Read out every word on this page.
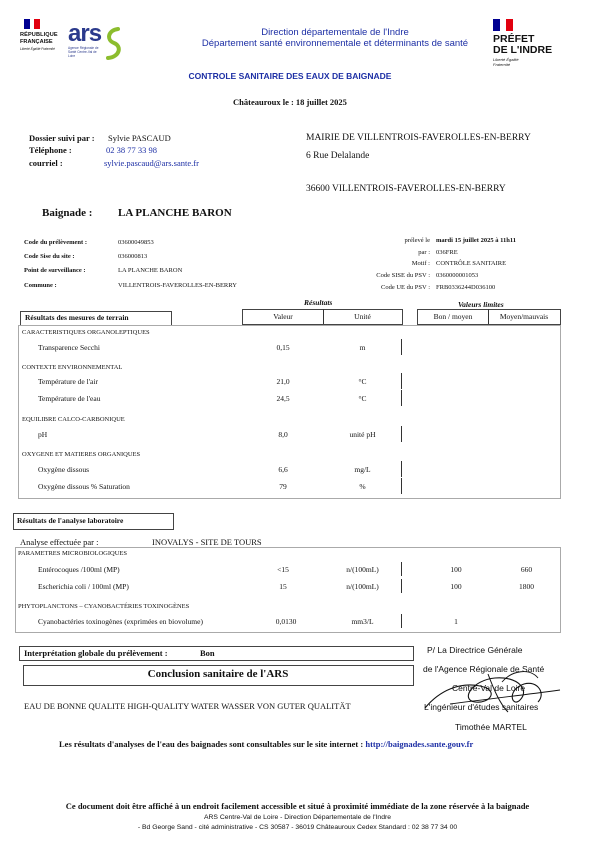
RÉPUBLIQUE
FRANÇAISE
Liberté Égalité Fraternité
ars
Agence Régionale de Santé Centre-Val de Loire
PRÉFET
DE L'INDRE
Liberté Égalité Fraternité
Direction départementale de l'Indre
Département santé environnementale et déterminants de santé
CONTROLE SANITAIRE DES EAUX DE BAIGNADE
Châteauroux le : 18 juillet 2025
Dossier suivi par : Sylvie PASCAUD
Téléphone :	02 38 77 33 98
courriel :	sylvie.pascaud@ars.sante.fr
MAIRIE DE VILLENTROIS-FAVEROLLES-EN-BERRY
6 Rue Delalande
36600 VILLENTROIS-FAVEROLLES-EN-BERRY
Baignade : LA PLANCHE BARON
Code du prélèvement :	03600049853
Code Sise du site :	036000813
Point de surveillance :	LA PLANCHE BARON
Commune :	VILLENTROIS-FAVEROLLES-EN-BERRY
prélevé le mardi 15 juillet 2025 à 11h11
par : 036FRE
Motif : CONTRÔLE SANITAIRE
Code SISE du PSV : 0360000001053
Code UE du PSV : FRB0336244D036100
Résultats	Valeurs limites
Résultats des mesures de terrain	Valeur	Unité	Bon / moyen	Moyen/mauvais
CARACTERISTIQUES ORGANOLEPTIQUES
Transparence Secchi	0,15	m
CONTEXTE ENVIRONNEMENTAL
Température de l'air	21,0	°C
Température de l'eau	24,5	°C
EQUILIBRE CALCO-CARBONIQUE
pH	8,0	unité pH
OXYGENE ET MATIERES ORGANIQUES
Oxygène dissous	6,6	mg/L
Oxygène dissous % Saturation	79	%
Résultats de l'analyse laboratoire
Analyse effectuée par :	INOVALYS - SITE DE TOURS
PARAMETRES MICROBIOLOGIQUES
Entérocoques /100ml (MP)	<15	n/(100mL)	100	660
Escherichia coli / 100ml (MP)	15	n/(100mL)	100	1800
PHYTOPLANCTONS – CYANOBACTÉRIES TOXINOGÈNES
Cyanobactéries toxinogènes (exprimées en biovolume)	0,0130	mm3/L	1
Interprétation globale du prélèvement :	Bon
Conclusion sanitaire de l'ARS
EAU DE BONNE QUALITE HIGH-QUALITY WATER WASSER VON GUTER QUALITÄT
P/ La Directrice Générale
de l'Agence Régionale de Santé
Centre-Val de Loire
L'ingénieur d'études sanitaires
Timothée MARTEL
Les résultats d'analyses de l'eau des baignades sont consultables sur le site internet : http://baignades.sante.gouv.fr
Ce document doit être affiché à un endroit facilement accessible et situé à proximité immédiate de la zone réservée à la baignade
ARS Centre-Val de Loire - Direction Départementale de l'Indre
- Bd George Sand - cité administrative - CS 30587 - 36019 Châteauroux Cedex Standard : 02 38 77 34 00
